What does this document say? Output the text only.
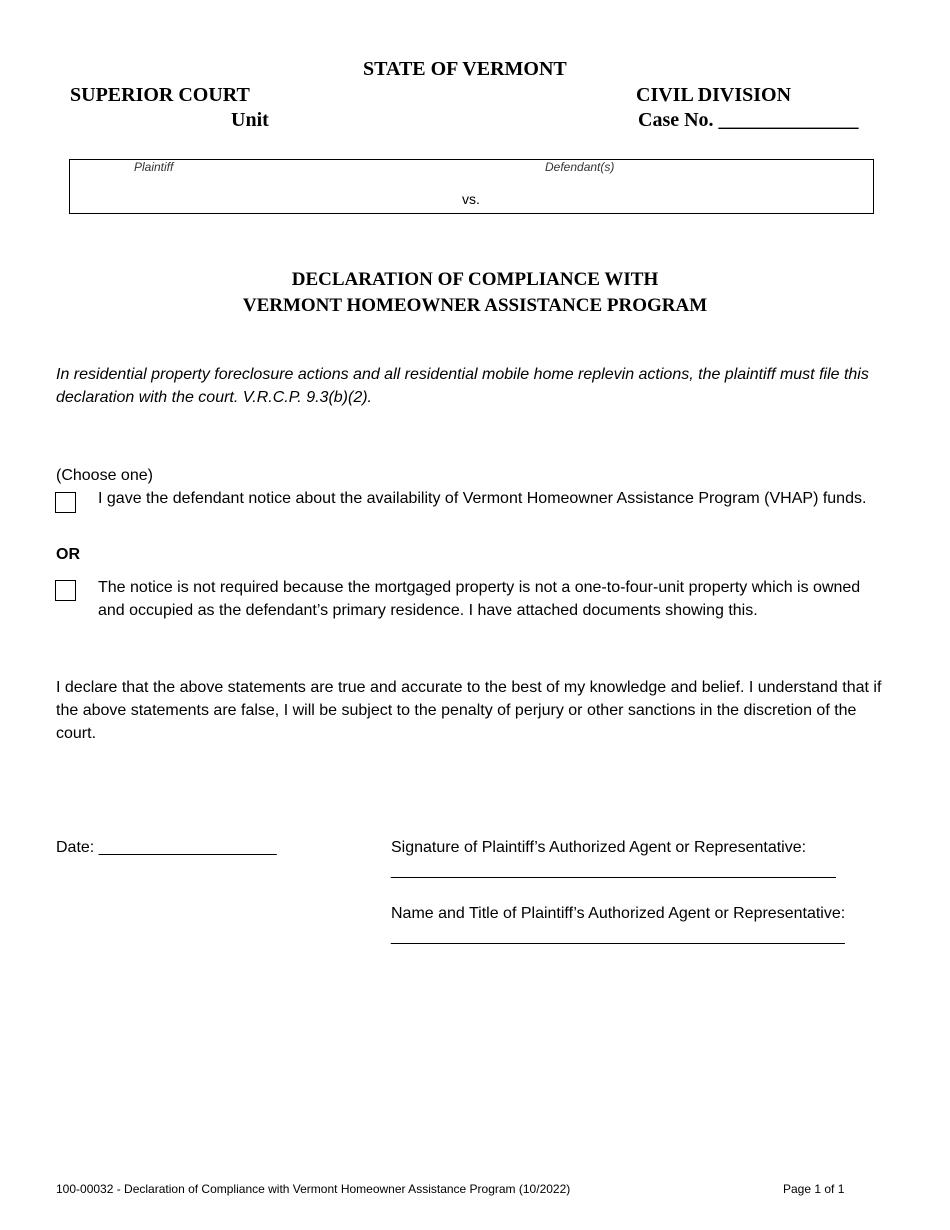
STATE OF VERMONT
SUPERIOR COURT
Unit
CIVIL DIVISION
Case No. ______________
Plaintiff	Defendant(s)
vs.
DECLARATION OF COMPLIANCE WITH
VERMONT HOMEOWNER ASSISTANCE PROGRAM
In residential property foreclosure actions and all residential mobile home replevin actions, the plaintiff must file this declaration with the court. V.R.C.P. 9.3(b)(2).
(Choose one)
I gave the defendant notice about the availability of Vermont Homeowner Assistance Program (VHAP) funds.
OR
The notice is not required because the mortgaged property is not a one-to-four-unit property which is owned and occupied as the defendant’s primary residence. I have attached documents showing this.
I declare that the above statements are true and accurate to the best of my knowledge and belief. I understand that if the above statements are false, I will be subject to the penalty of perjury or other sanctions in the discretion of the court.
Date: ____________________	Signature of Plaintiff’s Authorized Agent or Representative:
__________________________________________________
Name and Title of Plaintiff’s Authorized Agent or Representative:
___________________________________________________
100-00032 - Declaration of Compliance with Vermont Homeowner Assistance Program (10/2022)	Page 1 of 1
